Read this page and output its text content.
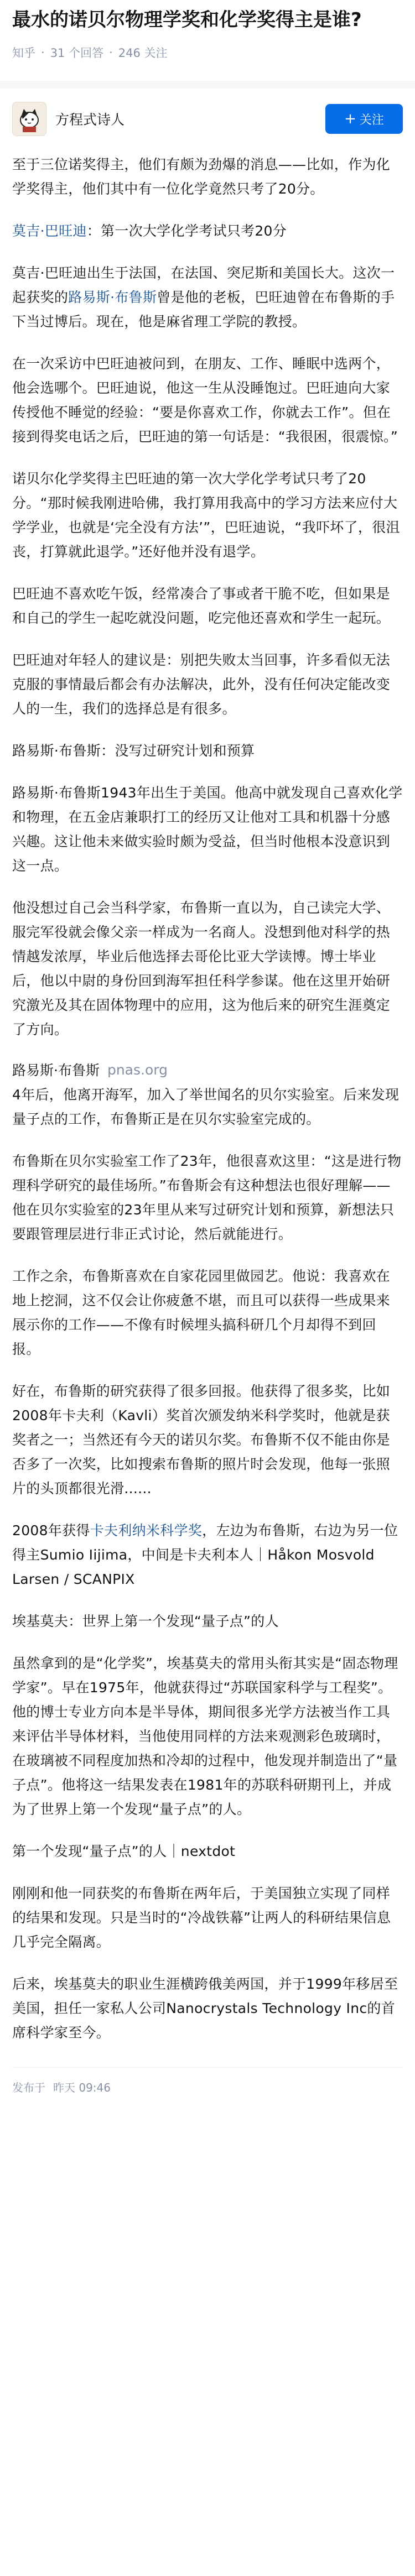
最水的诺贝尔物理学奖和化学奖得主是谁?
知乎 · 31 个回答 · 246 关注
方程式诗人	+ 关注

至于三位诺奖得主，他们有颇为劲爆的消息——比如，作为化学奖得主，他们其中有一位化学竟然只考了20分。

莫吉·巴旺迪：第一次大学化学考试只考20分

莫吉·巴旺迪出生于法国，在法国、突尼斯和美国长大。这次一起获奖的路易斯·布鲁斯曾是他的老板，巴旺迪曾在布鲁斯的手下当过博后。现在，他是麻省理工学院的教授。

在一次采访中巴旺迪被问到，在朋友、工作、睡眠中选两个，他会选哪个。巴旺迪说，他这一生从没睡饱过。巴旺迪向大家传授他不睡觉的经验：“要是你喜欢工作，你就去工作”。但在接到得奖电话之后，巴旺迪的第一句话是：“我很困，很震惊。”

诺贝尔化学奖得主巴旺迪的第一次大学化学考试只考了20分。“那时候我刚进哈佛，我打算用我高中的学习方法来应付大学学业，也就是‘完全没有方法’”，巴旺迪说，“我吓坏了，很沮丧，打算就此退学。”还好他并没有退学。

巴旺迪不喜欢吃午饭，经常凑合了事或者干脆不吃，但如果是和自己的学生一起吃就没问题，吃完他还喜欢和学生一起玩。

巴旺迪对年轻人的建议是：别把失败太当回事，许多看似无法克服的事情最后都会有办法解决，此外，没有任何决定能改变人的一生，我们的选择总是有很多。

路易斯·布鲁斯：没写过研究计划和预算

路易斯·布鲁斯1943年出生于美国。他高中就发现自己喜欢化学和物理，在五金店兼职打工的经历又让他对工具和机器十分感兴趣。这让他未来做实验时颇为受益，但当时他根本没意识到这一点。

他没想过自己会当科学家，布鲁斯一直以为，自己读完大学、服完军役就会像父亲一样成为一名商人。没想到他对科学的热情越发浓厚，毕业后他选择去哥伦比亚大学读博。博士毕业后，他以中尉的身份回到海军担任科学参谋。他在这里开始研究激光及其在固体物理中的应用，这为他后来的研究生涯奠定了方向。

路易斯·布鲁斯 pnas.org

4年后，他离开海军，加入了举世闻名的贝尔实验室。后来发现量子点的工作，布鲁斯正是在贝尔实验室完成的。

布鲁斯在贝尔实验室工作了23年，他很喜欢这里：“这是进行物理科学研究的最佳场所。”布鲁斯会有这种想法也很好理解——他在贝尔实验室的23年里从来写过研究计划和预算，新想法只要跟管理层进行非正式讨论，然后就能进行。

工作之余，布鲁斯喜欢在自家花园里做园艺。他说：我喜欢在地上挖洞，这不仅会让你疲惫不堪，而且可以获得一些成果来展示你的工作——不像有时候埋头搞科研几个月却得不到回报。

好在，布鲁斯的研究获得了很多回报。他获得了很多奖，比如2008年卡夫利（Kavli）奖首次颁发纳米科学奖时，他就是获奖者之一；当然还有今天的诺贝尔奖。布鲁斯不仅不能由你是否多了一次奖，比如搜索布鲁斯的照片时会发现，他每一张照片的头顶都很光滑......

2008年获得卡夫利纳米科学奖，左边为布鲁斯，右边为另一位得主Sumio Iijima，中间是卡夫利本人｜Håkon Mosvold Larsen / SCANPIX

埃基莫夫：世界上第一个发现“量子点”的人

虽然拿到的是“化学奖”，埃基莫夫的常用头衔其实是“固态物理学家”。早在1975年，他就获得过“苏联国家科学与工程奖”。他的博士专业方向本是半导体，期间很多光学方法被当作工具来评估半导体材料，当他使用同样的方法来观测彩色玻璃时，在玻璃被不同程度加热和冷却的过程中，他发现并制造出了“量子点”。他将这一结果发表在1981年的苏联科研期刊上，并成为了世界上第一个发现“量子点”的人。

第一个发现“量子点”的人｜nextdot

刚刚和他一同获奖的布鲁斯在两年后，于美国独立实现了同样的结果和发现。只是当时的“冷战铁幕”让两人的科研结果信息几乎完全隔离。

后来，埃基莫夫的职业生涯横跨俄美两国，并于1999年移居至美国，担任一家私人公司Nanocrystals Technology Inc的首席科学家至今。

发布于 昨天 09:46
